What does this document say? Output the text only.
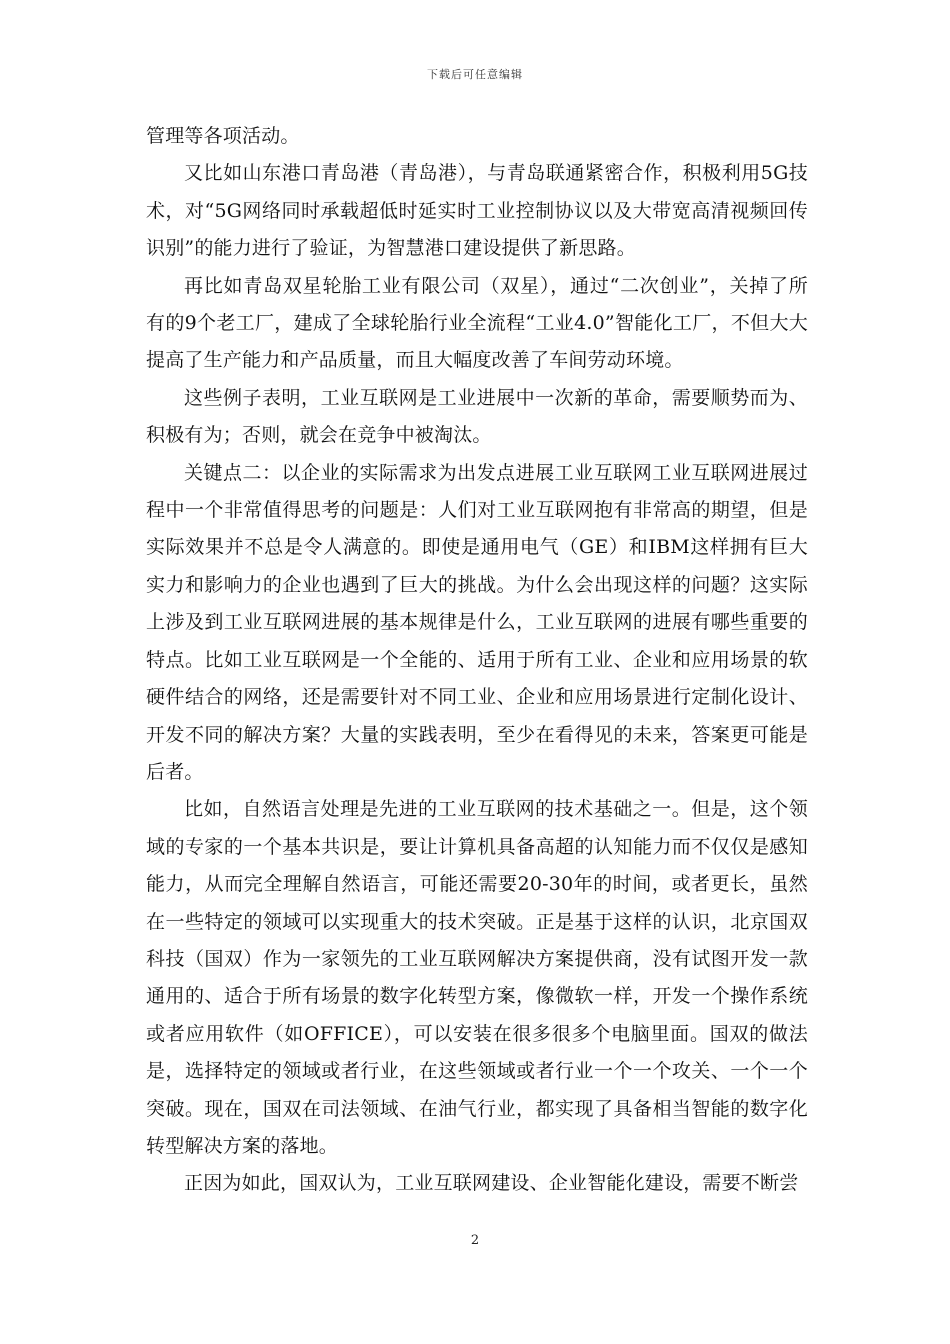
下载后可任意编辑

管理等各项活动。

又比如山东港口青岛港（青岛港），与青岛联通紧密合作，积极利用5G技术，对“5G网络同时承载超低时延实时工业控制协议以及大带宽高清视频回传识别”的能力进行了验证，为智慧港口建设提供了新思路。

再比如青岛双星轮胎工业有限公司（双星），通过“二次创业”，关掉了所有的9个老工厂，建成了全球轮胎行业全流程“工业4.0”智能化工厂，不但大大提高了生产能力和产品质量，而且大幅度改善了车间劳动环境。

这些例子表明，工业互联网是工业进展中一次新的革命，需要顺势而为、积极有为；否则，就会在竞争中被淘汰。

关键点二：以企业的实际需求为出发点进展工业互联网工业互联网进展过程中一个非常值得思考的问题是：人们对工业互联网抱有非常高的期望，但是实际效果并不总是令人满意的。即使是通用电气（GE）和IBM这样拥有巨大实力和影响力的企业也遇到了巨大的挑战。为什么会出现这样的问题？这实际上涉及到工业互联网进展的基本规律是什么，工业互联网的进展有哪些重要的特点。比如工业互联网是一个全能的、适用于所有工业、企业和应用场景的软硬件结合的网络，还是需要针对不同工业、企业和应用场景进行定制化设计、开发不同的解决方案？大量的实践表明，至少在看得见的未来，答案更可能是后者。

比如，自然语言处理是先进的工业互联网的技术基础之一。但是，这个领域的专家的一个基本共识是，要让计算机具备高超的认知能力而不仅仅是感知能力，从而完全理解自然语言，可能还需要20-30年的时间，或者更长，虽然在一些特定的领域可以实现重大的技术突破。正是基于这样的认识，北京国双科技（国双）作为一家领先的工业互联网解决方案提供商，没有试图开发一款通用的、适合于所有场景的数字化转型方案，像微软一样，开发一个操作系统或者应用软件（如OFFICE），可以安装在很多很多个电脑里面。国双的做法是，选择特定的领域或者行业，在这些领域或者行业一个一个攻关、一个一个突破。现在，国双在司法领域、在油气行业，都实现了具备相当智能的数字化转型解决方案的落地。

正因为如此，国双认为，工业互联网建设、企业智能化建设，需要不断尝

2
